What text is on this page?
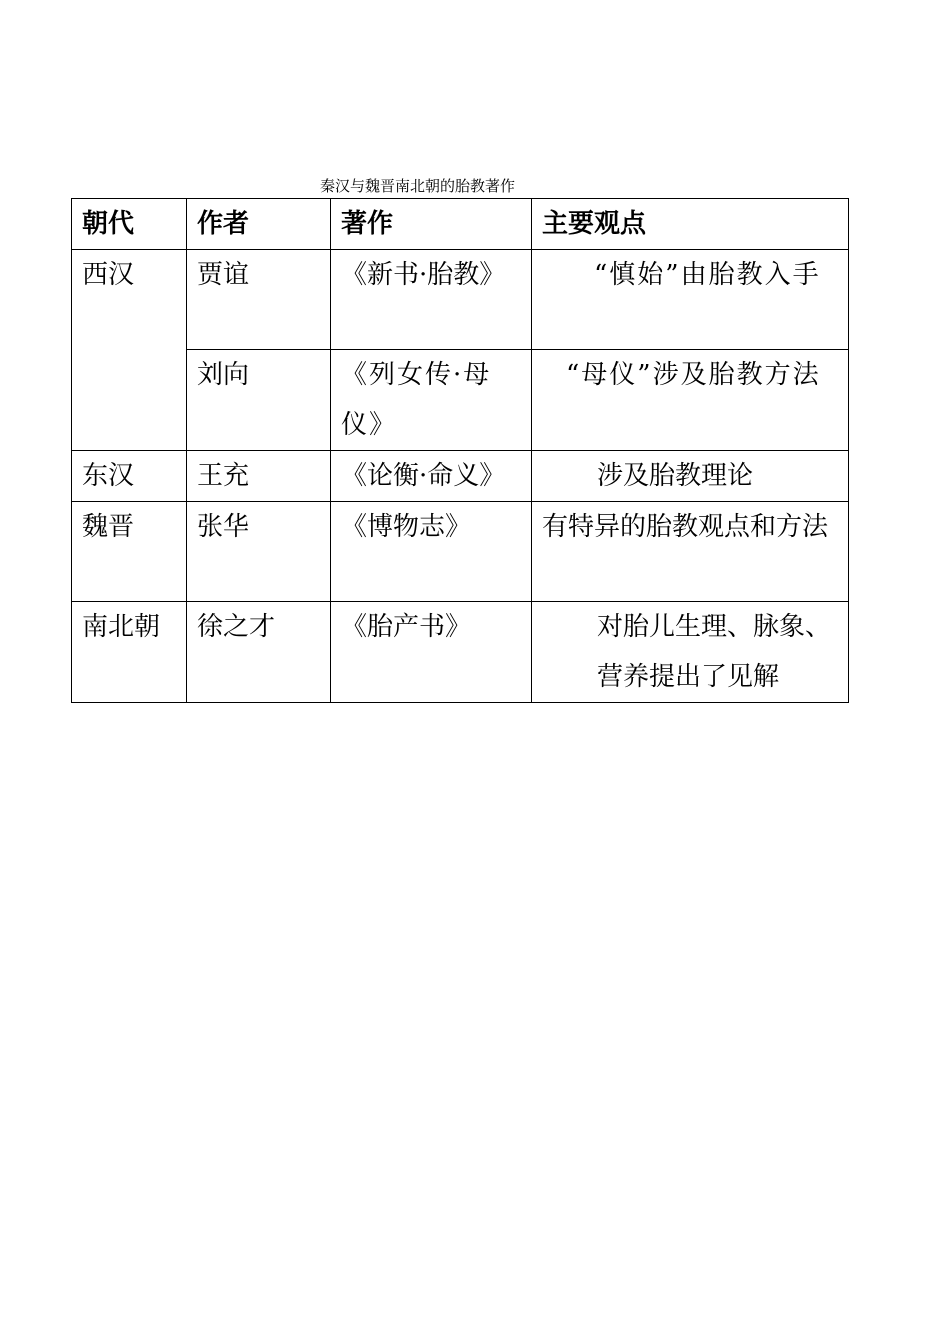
秦汉与魏晋南北朝的胎教著作
朝代	作者	著作	主要观点
西汉	贾谊	《新书·胎教》	“慎始”由胎教入手
	刘向	《列女传·母仪》	“母仪”涉及胎教方法
东汉	王充	《论衡·命义》	涉及胎教理论
魏晋	张华	《博物志》	有特异的胎教观点和方法
南北朝	徐之才	《胎产书》	对胎儿生理、脉象、营养提出了见解
